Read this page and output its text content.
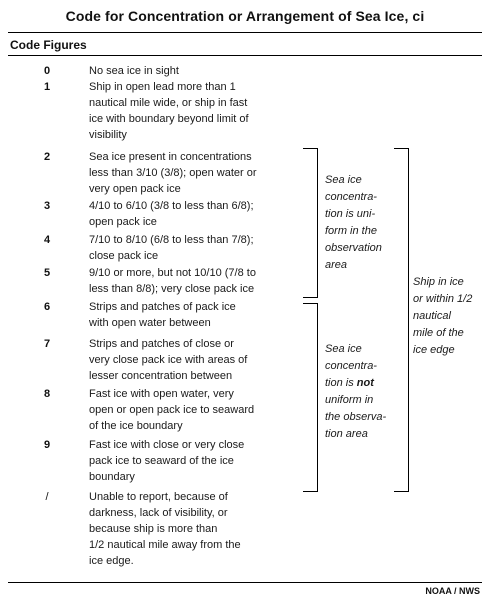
Code for Concentration or Arrangement of Sea Ice, ci
Code Figures
0	No sea ice in sight
1	Ship in open lead more than 1
nautical mile wide, or ship in fast
ice with boundary beyond limit of
visibility
2	Sea ice present in concentrations
less than 3/10 (3/8); open water or
very open pack ice
3	4/10 to 6/10 (3/8 to less than 6/8);
open pack ice
4	7/10 to 8/10 (6/8 to less than 7/8);
close pack ice
5	9/10 or more, but not 10/10 (7/8 to
less than 8/8); very close pack ice
6	Strips and patches of pack ice
with open water between
7	Strips and patches of close or
very close pack ice with areas of
lesser concentration between
8	Fast ice with open water, very
open or open pack ice to seaward
of the ice boundary
9	Fast ice with close or very close
pack ice to seaward of the ice
boundary
/	Unable to report, because of
darkness, lack of visibility, or
because ship is more than
1/2 nautical mile away from the
ice edge.
Sea ice
concentra-
tion is uni-
form in the
observation
area
Sea ice
concentra-
tion is not
uniform in
the observa-
tion area
Ship in ice
or within 1/2
nautical
mile of the
ice edge
NOAA / NWS
